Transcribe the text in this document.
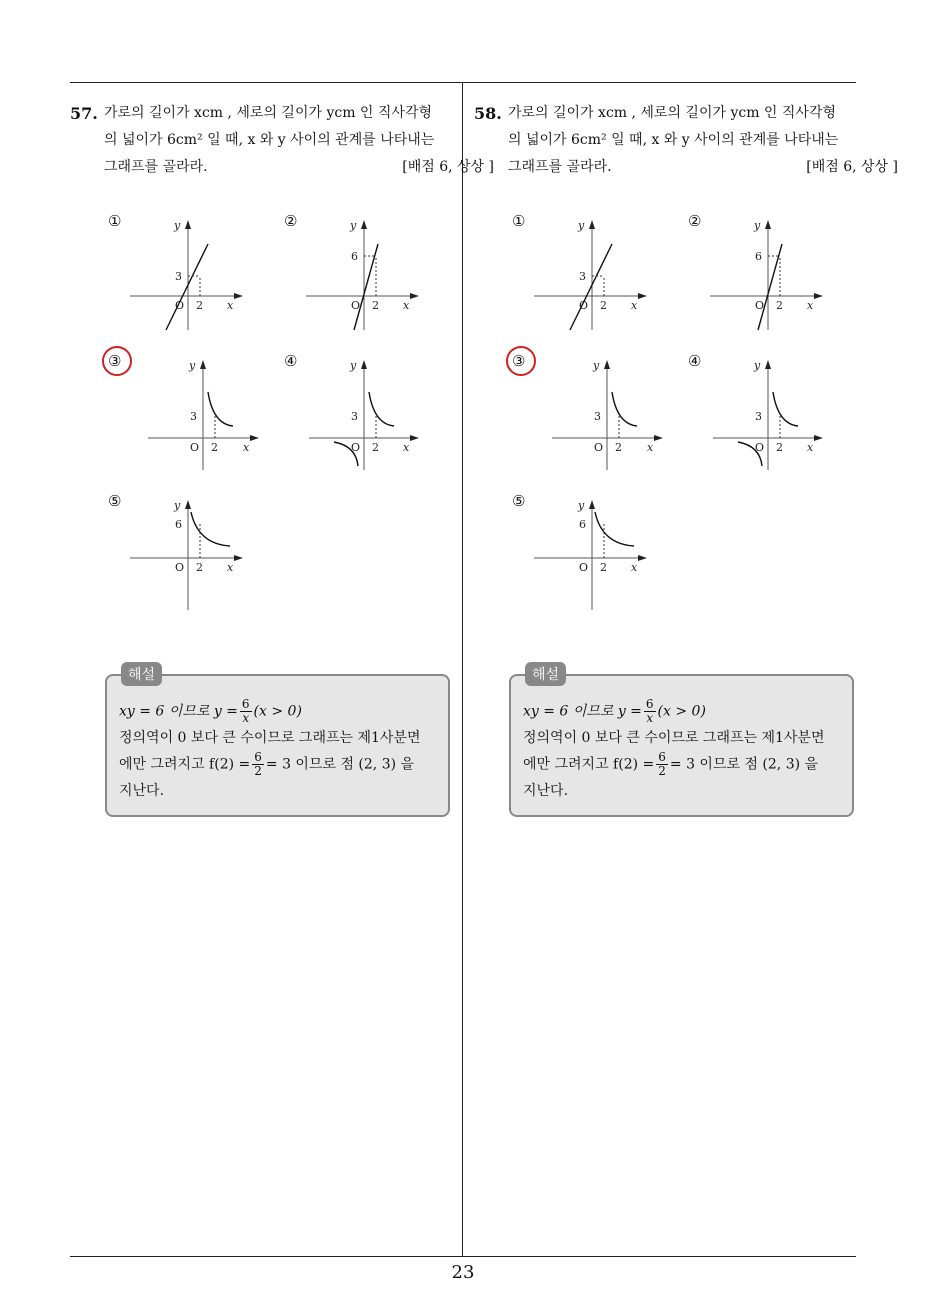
57. 가로의 길이가 xcm , 세로의 길이가 ycm 인 직사각형
의 넓이가 6cm² 일 때, x 와 y 사이의 관계를 나타내는
그래프를 골라라.	[배점 6, 상상 ]
58. 가로의 길이가 xcm , 세로의 길이가 ycm 인 직사각형
의 넓이가 6cm² 일 때, x 와 y 사이의 관계를 나타내는
그래프를 골라라.	[배점 6, 상상 ]
①	y
x
O 2
3
②	y
x
O 2
6
③	y
x
O 2
3
④	y
x
O 2
3
⑤	y
x
O 2
6
①	y
x
O 2
3
②	y
x
O 2
6
③	y
x
O 2
3
④	y
x
O 2
3
⑤	y
x
O 2
6
해설
xy = 6 이므로 $y = \frac{6}{x} (x > 0)$
정의역이 0 보다 큰 수이므로 그래프는 제1사분면
에만 그려지고 $f(2) = \frac{6}{2} = 3$ 이므로 점 (2, 3) 을
지난다.
해설
xy = 6 이므로 $y = \frac{6}{x} (x > 0)$
정의역이 0 보다 큰 수이므로 그래프는 제1사분면
에만 그려지고 $f(2) = \frac{6}{2} = 3$ 이므로 점 (2, 3) 을
지난다.
23
